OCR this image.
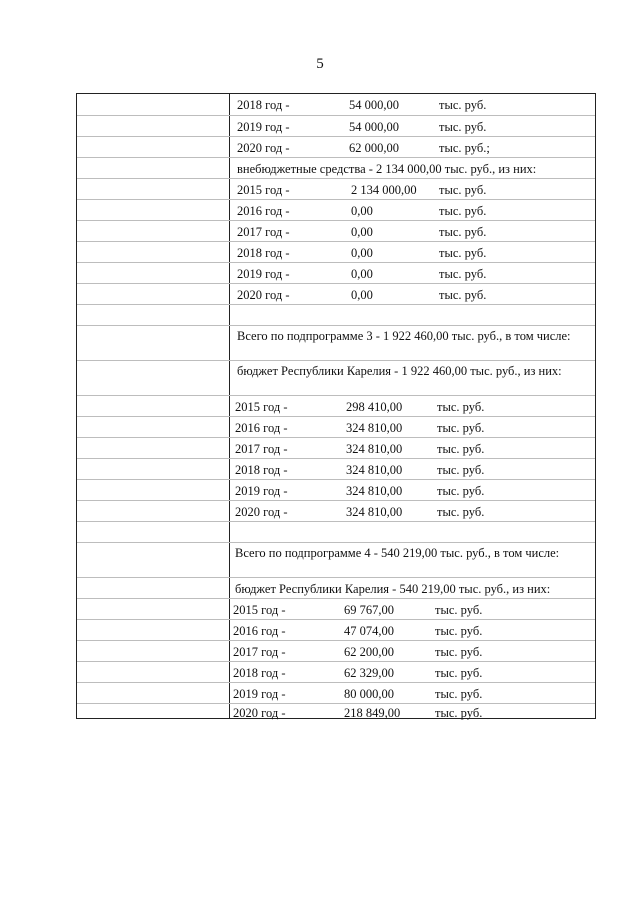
5
2018 год -	54 000,00	тыс. руб.
2019 год -	54 000,00	тыс. руб.
2020 год -	62 000,00	тыс. руб.;
внебюджетные средства - 2 134 000,00 тыс. руб., из них:
2015 год -	2 134 000,00 тыс. руб.
2016 год -	0,00	тыс. руб.
2017 год -	0,00	тыс. руб.
2018 год -	0,00	тыс. руб.
2019 год -	0,00	тыс. руб.
2020 год -	0,00	тыс. руб.
Всего по подпрограмме 3 - 1 922 460,00 тыс. руб., в том числе:
бюджет Республики Карелия - 1 922 460,00 тыс. руб., из них:
2015 год -	298 410,00	тыс. руб.
2016 год -	324 810,00	тыс. руб.
2017 год -	324 810,00	тыс. руб.
2018 год -	324 810,00	тыс. руб.
2019 год -	324 810,00	тыс. руб.
2020 год -	324 810,00	тыс. руб.
Всего по подпрограмме 4 - 540 219,00 тыс. руб., в том числе:
бюджет Республики Карелия - 540 219,00 тыс. руб., из них:
2015 год -	69 767,00	тыс. руб.
2016 год -	47 074,00	тыс. руб.
2017 год -	62 200,00	тыс. руб.
2018 год -	62 329,00	тыс. руб.
2019 год -	80 000,00	тыс. руб.
2020 год -	218 849,00	тыс. руб.
